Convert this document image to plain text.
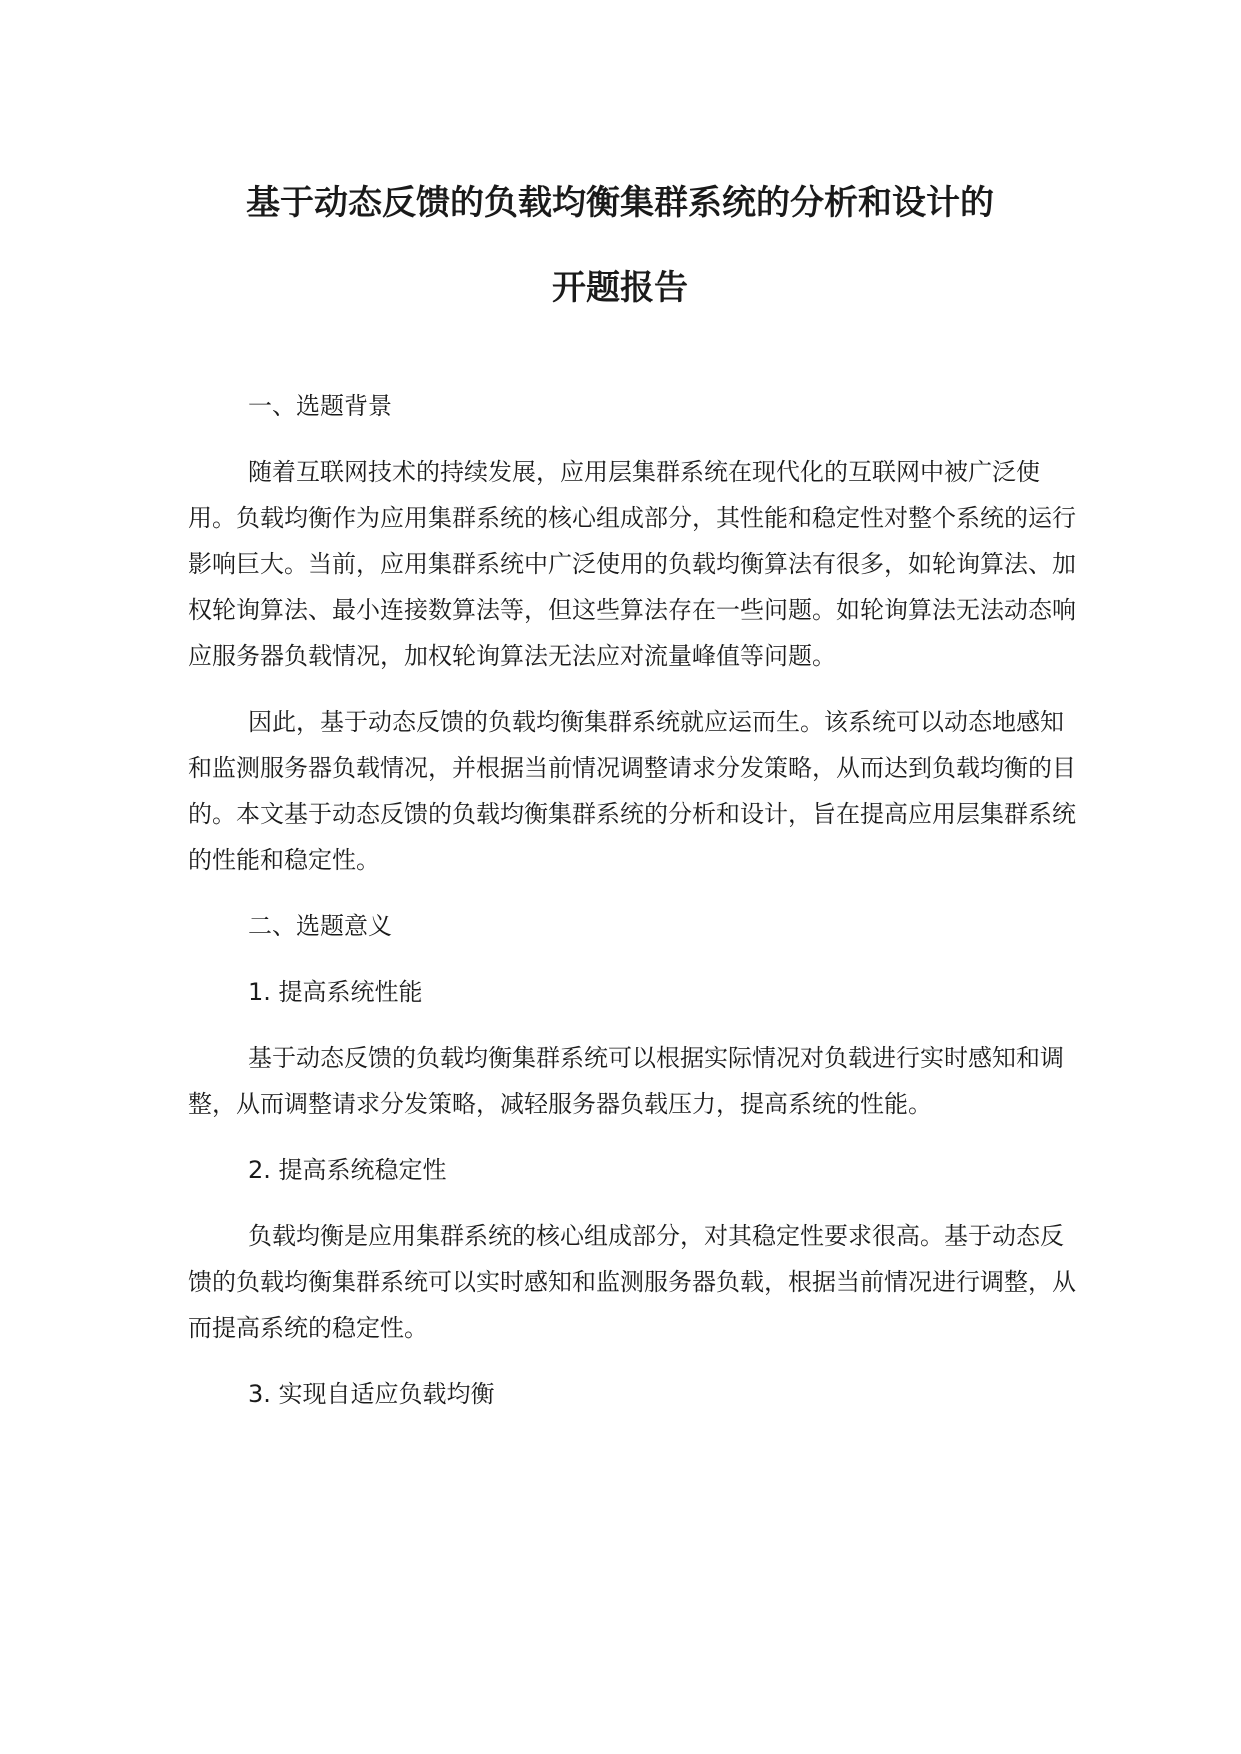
基于动态反馈的负载均衡集群系统的分析和设计的
开题报告

一、选题背景

随着互联网技术的持续发展，应用层集群系统在现代化的互联网中被广泛使用。负载均衡作为应用集群系统的核心组成部分，其性能和稳定性对整个系统的运行影响巨大。当前，应用集群系统中广泛使用的负载均衡算法有很多，如轮询算法、加权轮询算法、最小连接数算法等，但这些算法存在一些问题。如轮询算法无法动态响应服务器负载情况，加权轮询算法无法应对流量峰值等问题。

因此，基于动态反馈的负载均衡集群系统就应运而生。该系统可以动态地感知和监测服务器负载情况，并根据当前情况调整请求分发策略，从而达到负载均衡的目的。本文基于动态反馈的负载均衡集群系统的分析和设计，旨在提高应用层集群系统的性能和稳定性。

二、选题意义

1. 提高系统性能

基于动态反馈的负载均衡集群系统可以根据实际情况对负载进行实时感知和调整，从而调整请求分发策略，减轻服务器负载压力，提高系统的性能。

2. 提高系统稳定性

负载均衡是应用集群系统的核心组成部分，对其稳定性要求很高。基于动态反馈的负载均衡集群系统可以实时感知和监测服务器负载，根据当前情况进行调整，从而提高系统的稳定性。

3. 实现自适应负载均衡
